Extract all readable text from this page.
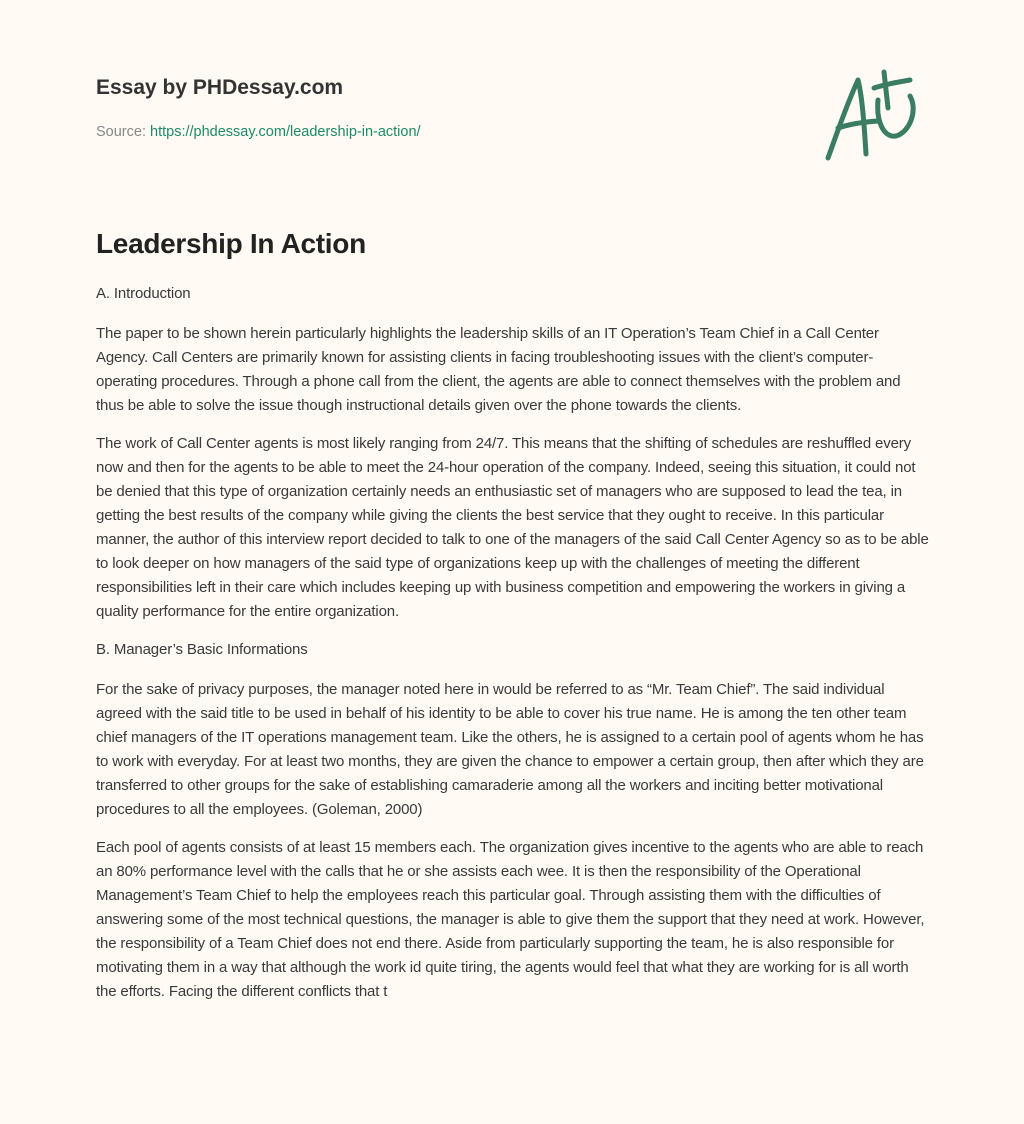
Essay by PHDessay.com
Source: https://phdessay.com/leadership-in-action/
Leadership In Action

A. Introduction

The paper to be shown herein particularly highlights the leadership skills of an IT Operation’s Team Chief in a Call Center Agency. Call Centers are primarily known for assisting clients in facing troubleshooting issues with the client’s computer-operating procedures. Through a phone call from the client, the agents are able to connect themselves with the problem and thus be able to solve the issue though instructional details given over the phone towards the clients.

The work of Call Center agents is most likely ranging from 24/7. This means that the shifting of schedules are reshuffled every now and then for the agents to be able to meet the 24-hour operation of the company. Indeed, seeing this situation, it could not be denied that this type of organization certainly needs an enthusiastic set of managers who are supposed to lead the tea, in getting the best results of the company while giving the clients the best service that they ought to receive. In this particular manner, the author of this interview report decided to talk to one of the managers of the said Call Center Agency so as to be able to look deeper on how managers of the said type of organizations keep up with the challenges of meeting the different responsibilities left in their care which includes keeping up with business competition and empowering the workers in giving a quality performance for the entire organization.

B. Manager’s Basic Informations

For the sake of privacy purposes, the manager noted here in would be referred to as “Mr. Team Chief”. The said individual agreed with the said title to be used in behalf of his identity to be able to cover his true name. He is among the ten other team chief managers of the IT operations management team. Like the others, he is assigned to a certain pool of agents whom he has to work with everyday. For at least two months, they are given the chance to empower a certain group, then after which they are transferred to other groups for the sake of establishing camaraderie among all the workers and inciting better motivational procedures to all the employees. (Goleman, 2000)

Each pool of agents consists of at least 15 members each. The organization gives incentive to the agents who are able to reach an 80% performance level with the calls that he or she assists each wee. It is then the responsibility of the Operational Management’s Team Chief to help the employees reach this particular goal. Through assisting them with the difficulties of answering some of the most technical questions, the manager is able to give them the support that they need at work. However, the responsibility of a Team Chief does not end there. Aside from particularly supporting the team, he is also responsible for motivating them in a way that although the work id quite tiring, the agents would feel that what they are working for is all worth the efforts. Facing the different conflicts that t
